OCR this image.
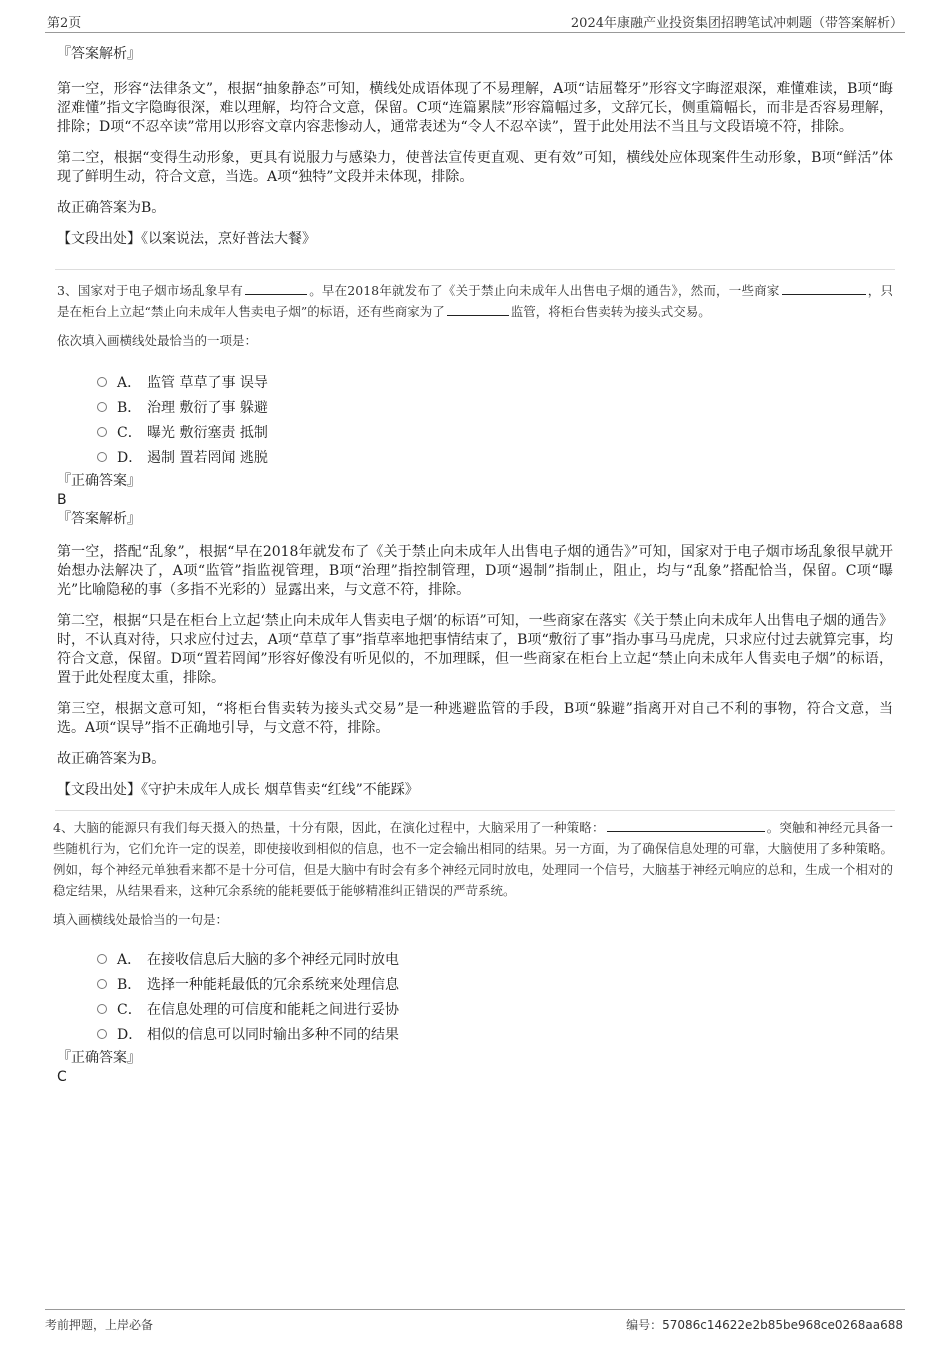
第2页	2024年康融产业投资集团招聘笔试冲刺题（带答案解析）

『答案解析』

第一空，形容“法律条文”，根据“抽象静态”可知，横线处成语体现了不易理解，A项“诘屈聱牙”形容文字晦涩艰深，难懂难读，B项“晦涩难懂”指文字隐晦很深，难以理解，均符合文意，保留。C项“连篇累牍”形容篇幅过多，文辞冗长，侧重篇幅长，而非是否容易理解，排除；D项“不忍卒读”常用以形容文章内容悲惨动人，通常表述为“令人不忍卒读”，置于此处用法不当且与文段语境不符，排除。

第二空，根据“变得生动形象，更具有说服力与感染力，使普法宣传更直观、更有效”可知，横线处应体现案件生动形象，B项“鲜活”体现了鲜明生动，符合文意，当选。A项“独特”文段并未体现，排除。

故正确答案为B。

【文段出处】《以案说法，烹好普法大餐》

3、国家对于电子烟市场乱象早有	。早在2018年就发布了《关于禁止向未成年人出售电子烟的通告》，然而，一些商家	，只是在柜台上立起“禁止向未成年人售卖电子烟”的标语，还有些商家为了	监管，将柜台售卖转为接头式交易。

依次填入画横线处最恰当的一项是：

A． 监管 草草了事 误导
B． 治理 敷衍了事 躲避
C． 曝光 敷衍塞责 抵制
D． 遏制 置若罔闻 逃脱

『正确答案』

B

『答案解析』

第一空，搭配“乱象”，根据“早在2018年就发布了《关于禁止向未成年人出售电子烟的通告》”可知，国家对于电子烟市场乱象很早就开始想办法解决了，A项“监管”指监视管理，B项“治理”指控制管理，D项“遏制”指制止，阻止，均与“乱象”搭配恰当，保留。C项“曝光”比喻隐秘的事（多指不光彩的）显露出来，与文意不符，排除。

第二空，根据“只是在柜台上立起‘禁止向未成年人售卖电子烟’的标语”可知，一些商家在落实《关于禁止向未成年人出售电子烟的通告》时，不认真对待，只求应付过去，A项“草草了事”指草率地把事情结束了，B项“敷衍了事”指办事马马虎虎，只求应付过去就算完事，均符合文意，保留。D项“置若罔闻”形容好像没有听见似的，不加理睬，但一些商家在柜台上立起“禁止向未成年人售卖电子烟”的标语，置于此处程度太重，排除。

第三空，根据文意可知，“将柜台售卖转为接头式交易”是一种逃避监管的手段，B项“躲避”指离开对自己不利的事物，符合文意，当选。A项“误导”指不正确地引导，与文意不符，排除。

故正确答案为B。

【文段出处】《守护未成年人成长 烟草售卖“红线”不能踩》

4、大脑的能源只有我们每天摄入的热量，十分有限，因此，在演化过程中，大脑采用了一种策略：	。突触和神经元具备一些随机行为，它们允许一定的误差，即使接收到相似的信息，也不一定会输出相同的结果。另一方面，为了确保信息处理的可靠，大脑使用了多种策略。例如，每个神经元单独看来都不是十分可信，但是大脑中有时会有多个神经元同时放电，处理同一个信号，大脑基于神经元响应的总和，生成一个相对的稳定结果，从结果看来，这种冗余系统的能耗要低于能够精准纠正错误的严苛系统。

填入画横线处最恰当的一句是：

A． 在接收信息后大脑的多个神经元同时放电
B． 选择一种能耗最低的冗余系统来处理信息
C． 在信息处理的可信度和能耗之间进行妥协
D． 相似的信息可以同时输出多种不同的结果

『正确答案』

C

考前押题，上岸必备	编号：57086c14622e2b85be968ce0268aa688
